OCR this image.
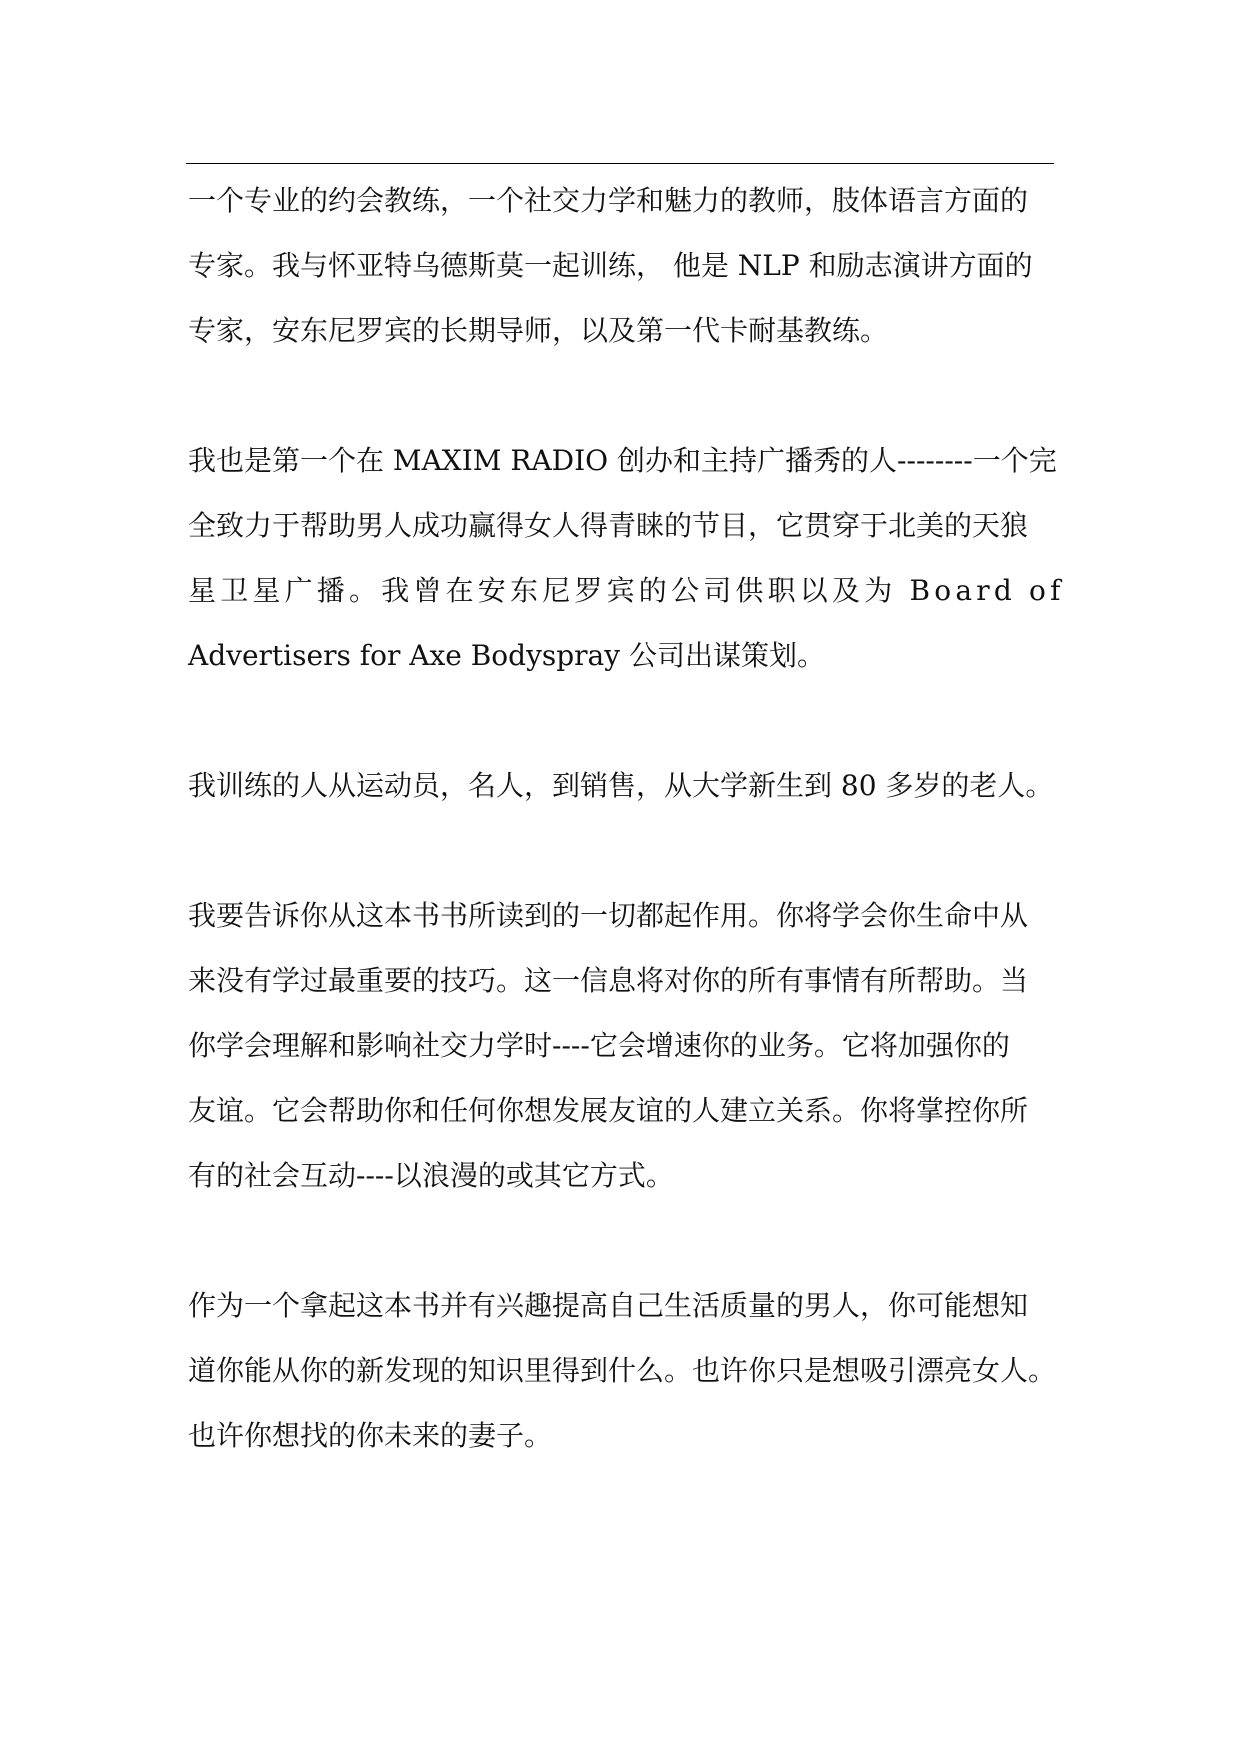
一个专业的约会教练，一个社交力学和魅力的教师，肢体语言方面的
专家。我与怀亚特乌德斯莫一起训练， 他是 NLP 和励志演讲方面的
专家，安东尼罗宾的长期导师，以及第一代卡耐基教练。
我也是第一个在 MAXIM RADIO 创办和主持广播秀的人--------一个完
全致力于帮助男人成功赢得女人得青睐的节目，它贯穿于北美的天狼
星卫星广播。我曾在安东尼罗宾的公司供职以及为 Board of
Advertisers for Axe Bodyspray 公司出谋策划。
我训练的人从运动员，名人，到销售，从大学新生到 80 多岁的老人。
我要告诉你从这本书书所读到的一切都起作用。你将学会你生命中从
来没有学过最重要的技巧。这一信息将对你的所有事情有所帮助。当
你学会理解和影响社交力学时----它会增速你的业务。它将加强你的
友谊。它会帮助你和任何你想发展友谊的人建立关系。你将掌控你所
有的社会互动----以浪漫的或其它方式。
作为一个拿起这本书并有兴趣提高自己生活质量的男人，你可能想知
道你能从你的新发现的知识里得到什么。也许你只是想吸引漂亮女人。
也许你想找的你未来的妻子。
